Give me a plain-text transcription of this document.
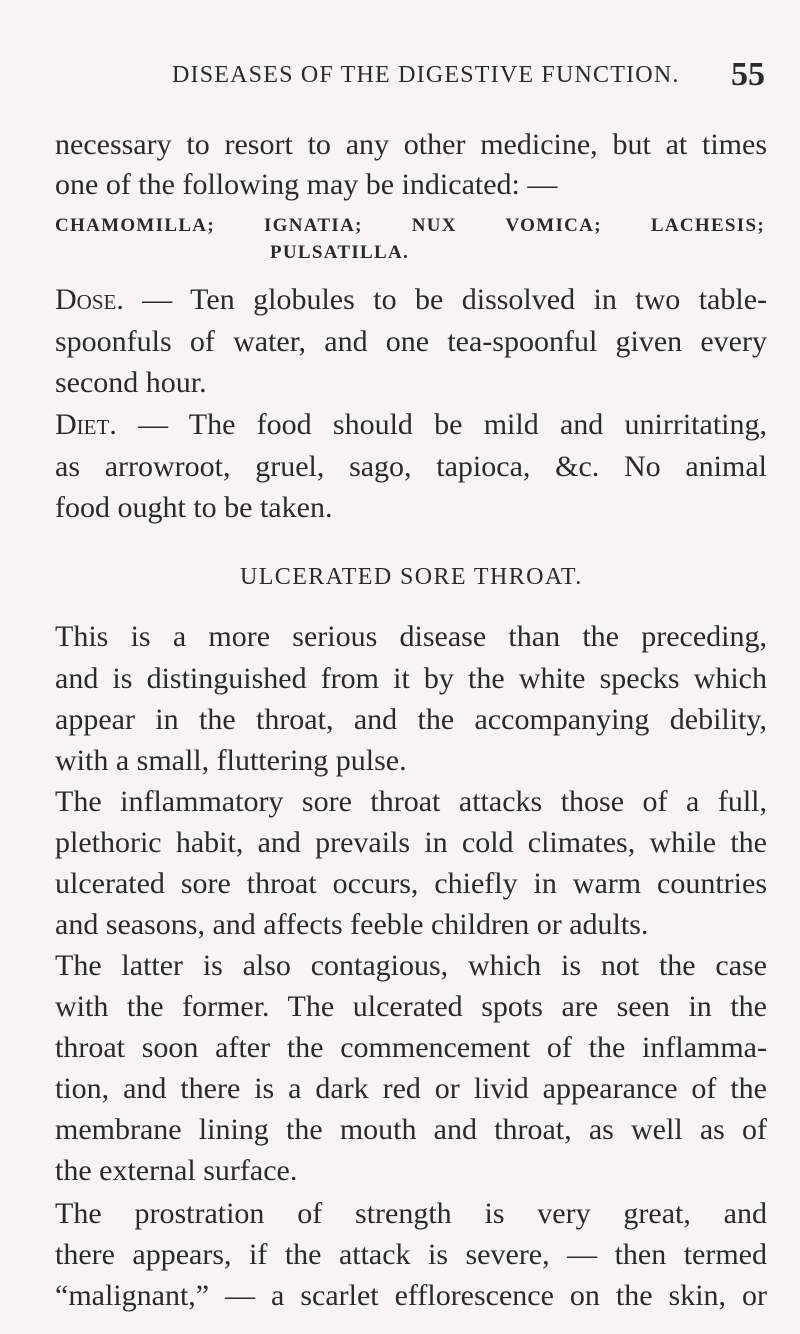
DISEASES OF THE DIGESTIVE FUNCTION. 55
necessary to resort to any other medicine, but at times
one of the following may be indicated: —
CHAMOMILLA; IGNATIA; NUX VOMICA; LACHESIS;
PULSATILLA.
Dose. — Ten globules to be dissolved in two table-
spoonfuls of water, and one tea-spoonful given every
second hour.
Diet. — The food should be mild and unirritating,
as arrowroot, gruel, sago, tapioca, &c. No animal
food ought to be taken.
ULCERATED SORE THROAT.
This is a more serious disease than the preceding,
and is distinguished from it by the white specks which
appear in the throat, and the accompanying debility,
with a small, fluttering pulse.
The inflammatory sore throat attacks those of a full,
plethoric habit, and prevails in cold climates, while the
ulcerated sore throat occurs, chiefly in warm countries
and seasons, and affects feeble children or adults.
The latter is also contagious, which is not the case
with the former. The ulcerated spots are seen in the
throat soon after the commencement of the inflamma-
tion, and there is a dark red or livid appearance of the
membrane lining the mouth and throat, as well as of
the external surface.
The prostration of strength is very great, and
there appears, if the attack is severe, — then termed
“malignant,” — a scarlet efflorescence on the skin, or
